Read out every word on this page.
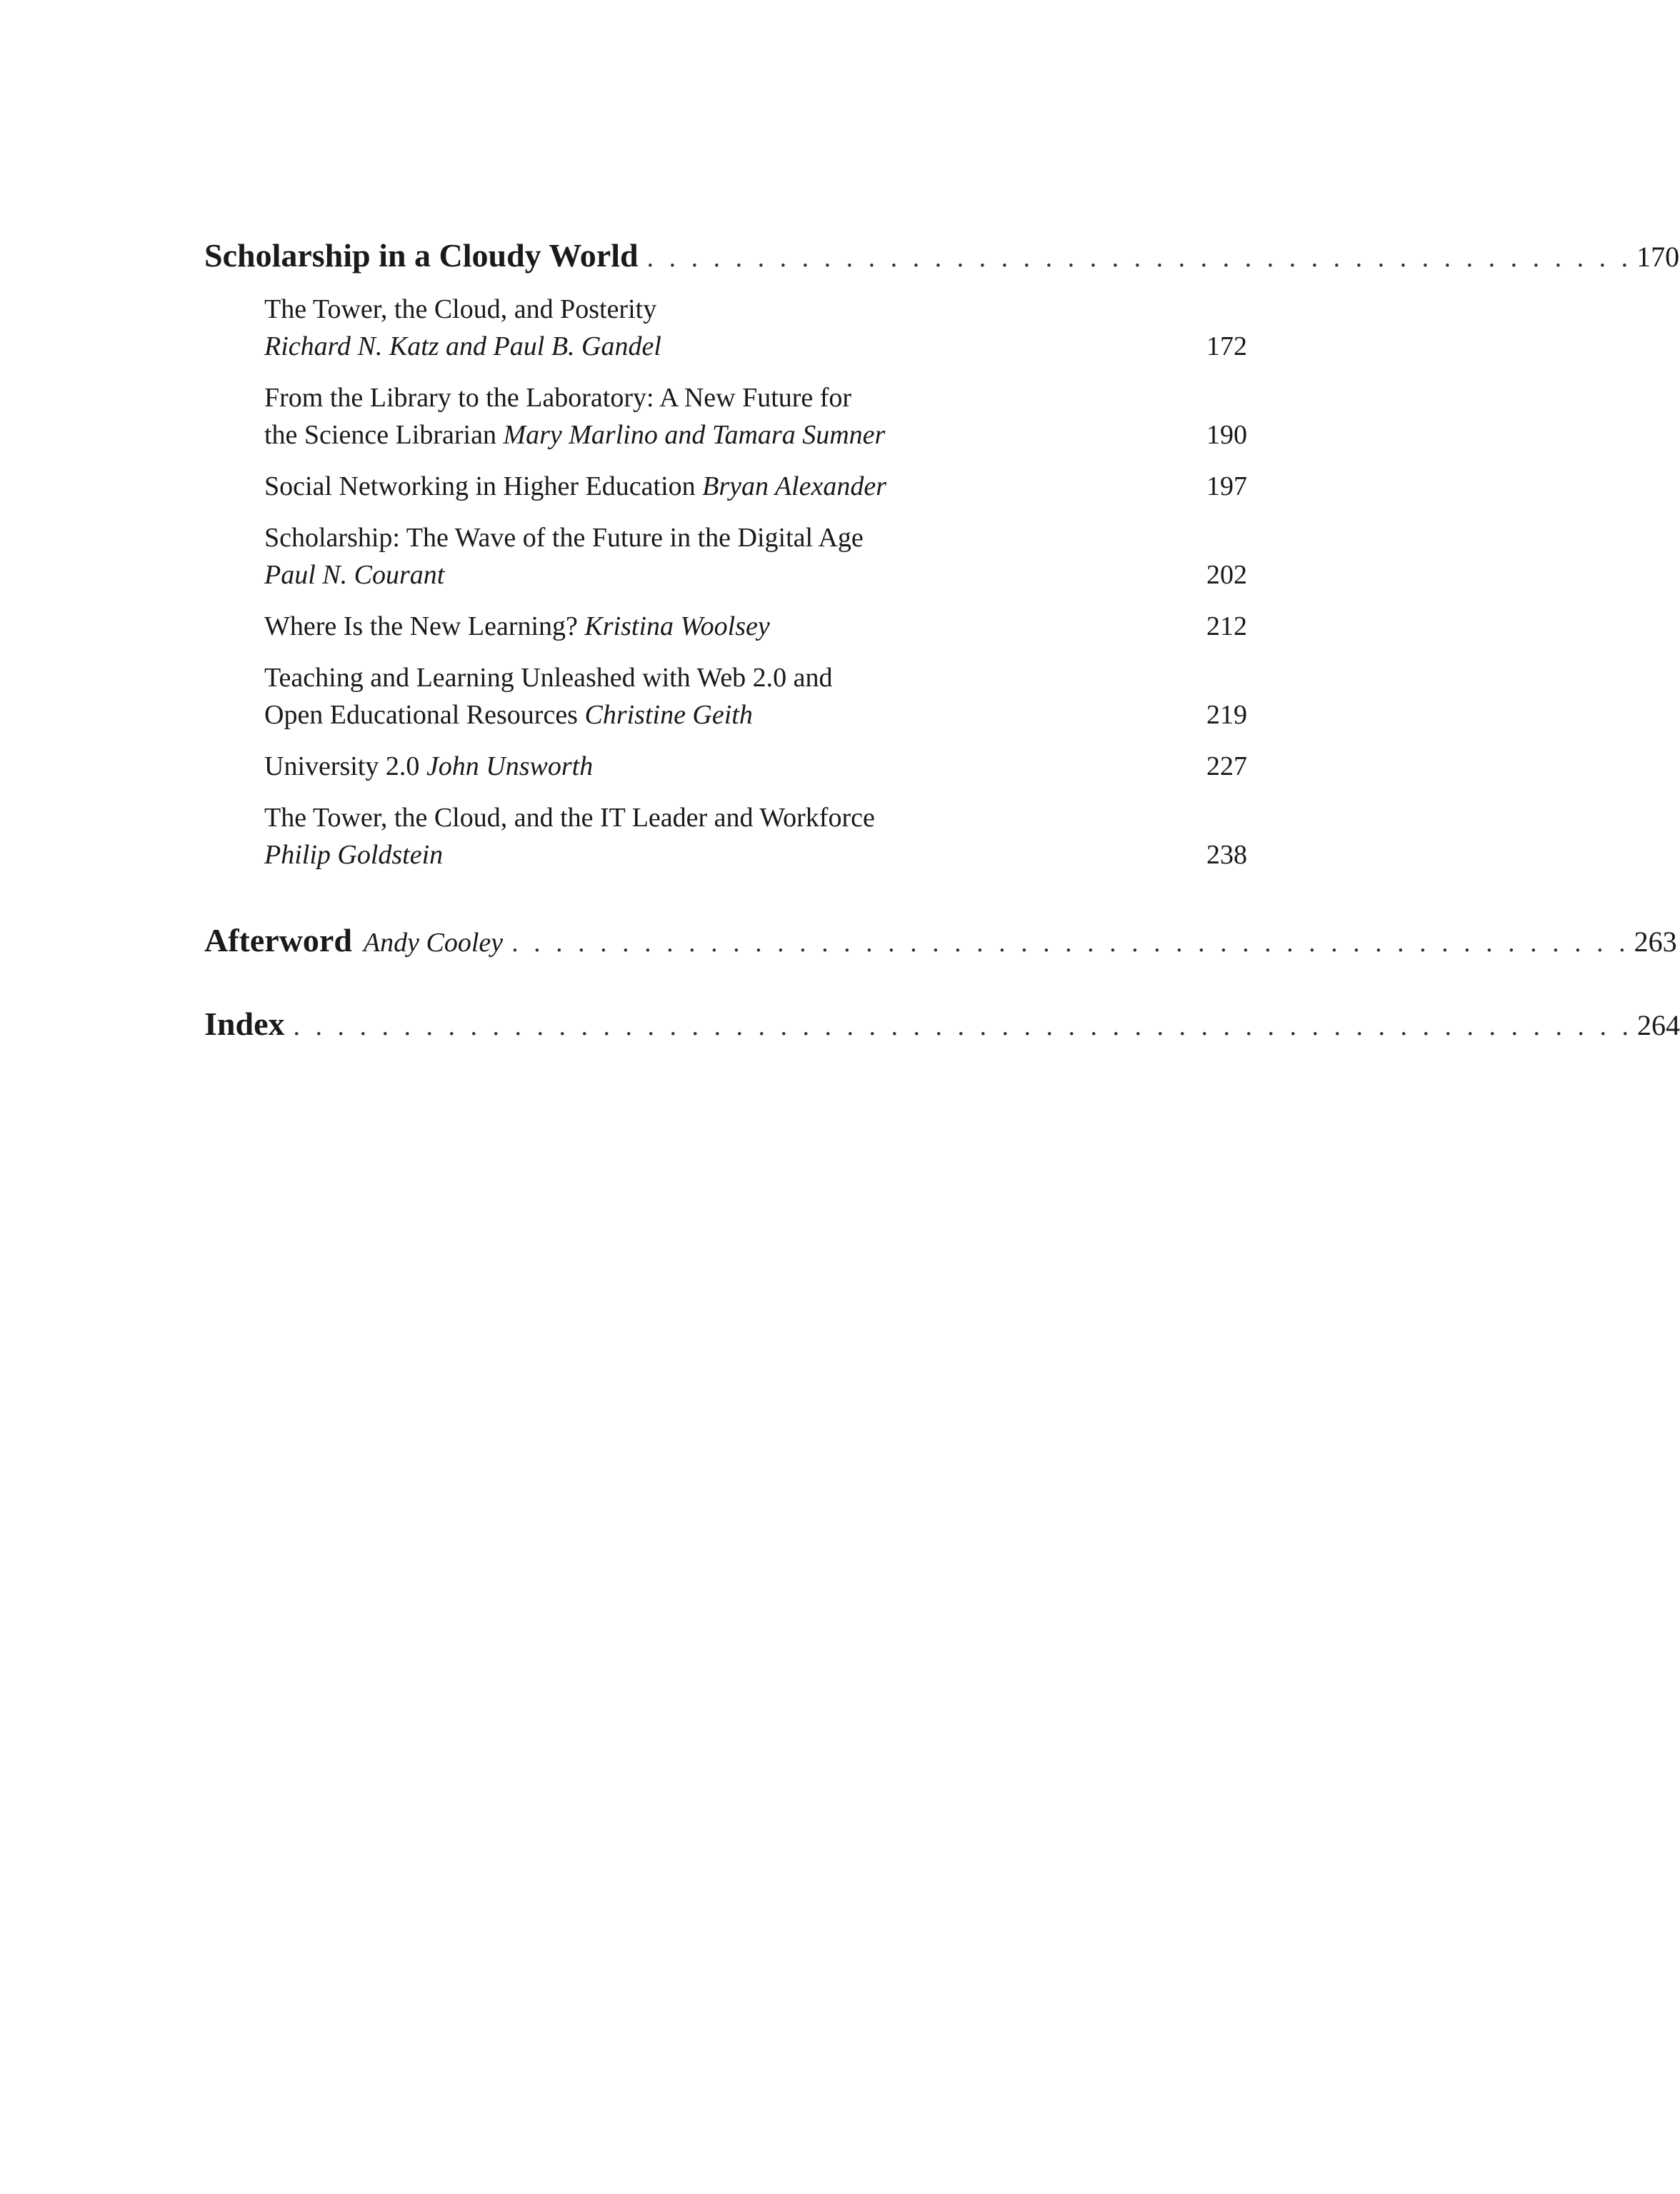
Scholarship in a Cloudy World . . . . . . . . . . . . . . . . . . . . . . . . . . . . . . . . . . . . . . . . . . . . . 170
The Tower, the Cloud, and Posterity
Richard N. Katz and Paul B. Gandel	172
From the Library to the Laboratory: A New Future for
the Science Librarian Mary Marlino and Tamara Sumner	190
Social Networking in Higher Education Bryan Alexander	197
Scholarship: The Wave of the Future in the Digital Age
Paul N. Courant	202
Where Is the New Learning? Kristina Woolsey	212
Teaching and Learning Unleashed with Web 2.0 and
Open Educational Resources Christine Geith	219
University 2.0 John Unsworth	227
The Tower, the Cloud, and the IT Leader and Workforce
Philip Goldstein	238
Afterword Andy Cooley . . . . . . . . . . . . . . . . . . . . . . . . . . . . . . . . . . . . . . . . . . . . . . . . . . . 263
Index . . . . . . . . . . . . . . . . . . . . . . . . . . . . . . . . . . . . . . . . . . . . . . . . . . . . . . . . . . . . . 264
